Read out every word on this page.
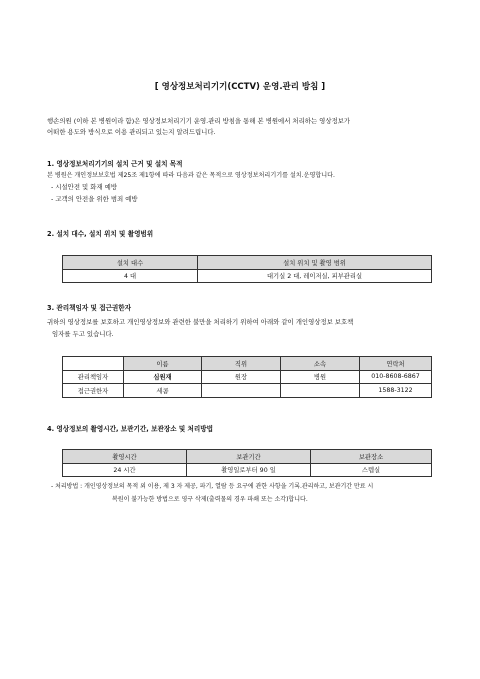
[ 영상정보처리기기(CCTV) 운영.관리 방침 ]
행손의원 (이하 본 병원이라 함)은 영상정보처리기기 운영.관리 방침을 통해 본 병원에서 처리하는 영상정보가
어떠한 용도와 방식으로 이용 관리되고 있는지 알려드립니다.
1. 영상정보처리기기의 설치 근거 및 설치 목적
본 병원은 개인정보보호법 제25조 제1항에 따라 다음과 같은 목적으로 영상정보처리기기를 설치.운영합니다.
- 시설안전 및 화재 예방
- 고객의 안전을 위한 범죄 예방
2. 설치 대수, 설치 위치 및 촬영범위
설치 대수	설치 위치 및 촬영 범위
4 대	대기실 2 대, 레이저실, 피부관리실
3. 관리책임자 및 접근권한자
귀하의 영상정보를 보호하고 개인영상정보와 관련한 불만을 처리하기 위하여 아래와 같이 개인영상정보 보호책
임자를 두고 있습니다.
	이름	직위	소속	연락처
관리책임자	심원재	원장	병원	010-8608-6867
접근권한자	세콤			1588-3122
4. 영상정보의 촬영시간, 보관기간, 보관장소 및 처리방법
촬영시간	보관기간	보관장소
24 시간	촬영일로부터 90 일	스텝실
- 처리방법 : 개인영상정보의 목적 외 이용, 제 3 자 제공, 파기, 열람 등 요구에 관한 사항을 기록.관리하고, 보관기간 만료 시
복원이 불가능한 방법으로 영구 삭제(출력물의 경우 파쇄 또는 소각)합니다.
